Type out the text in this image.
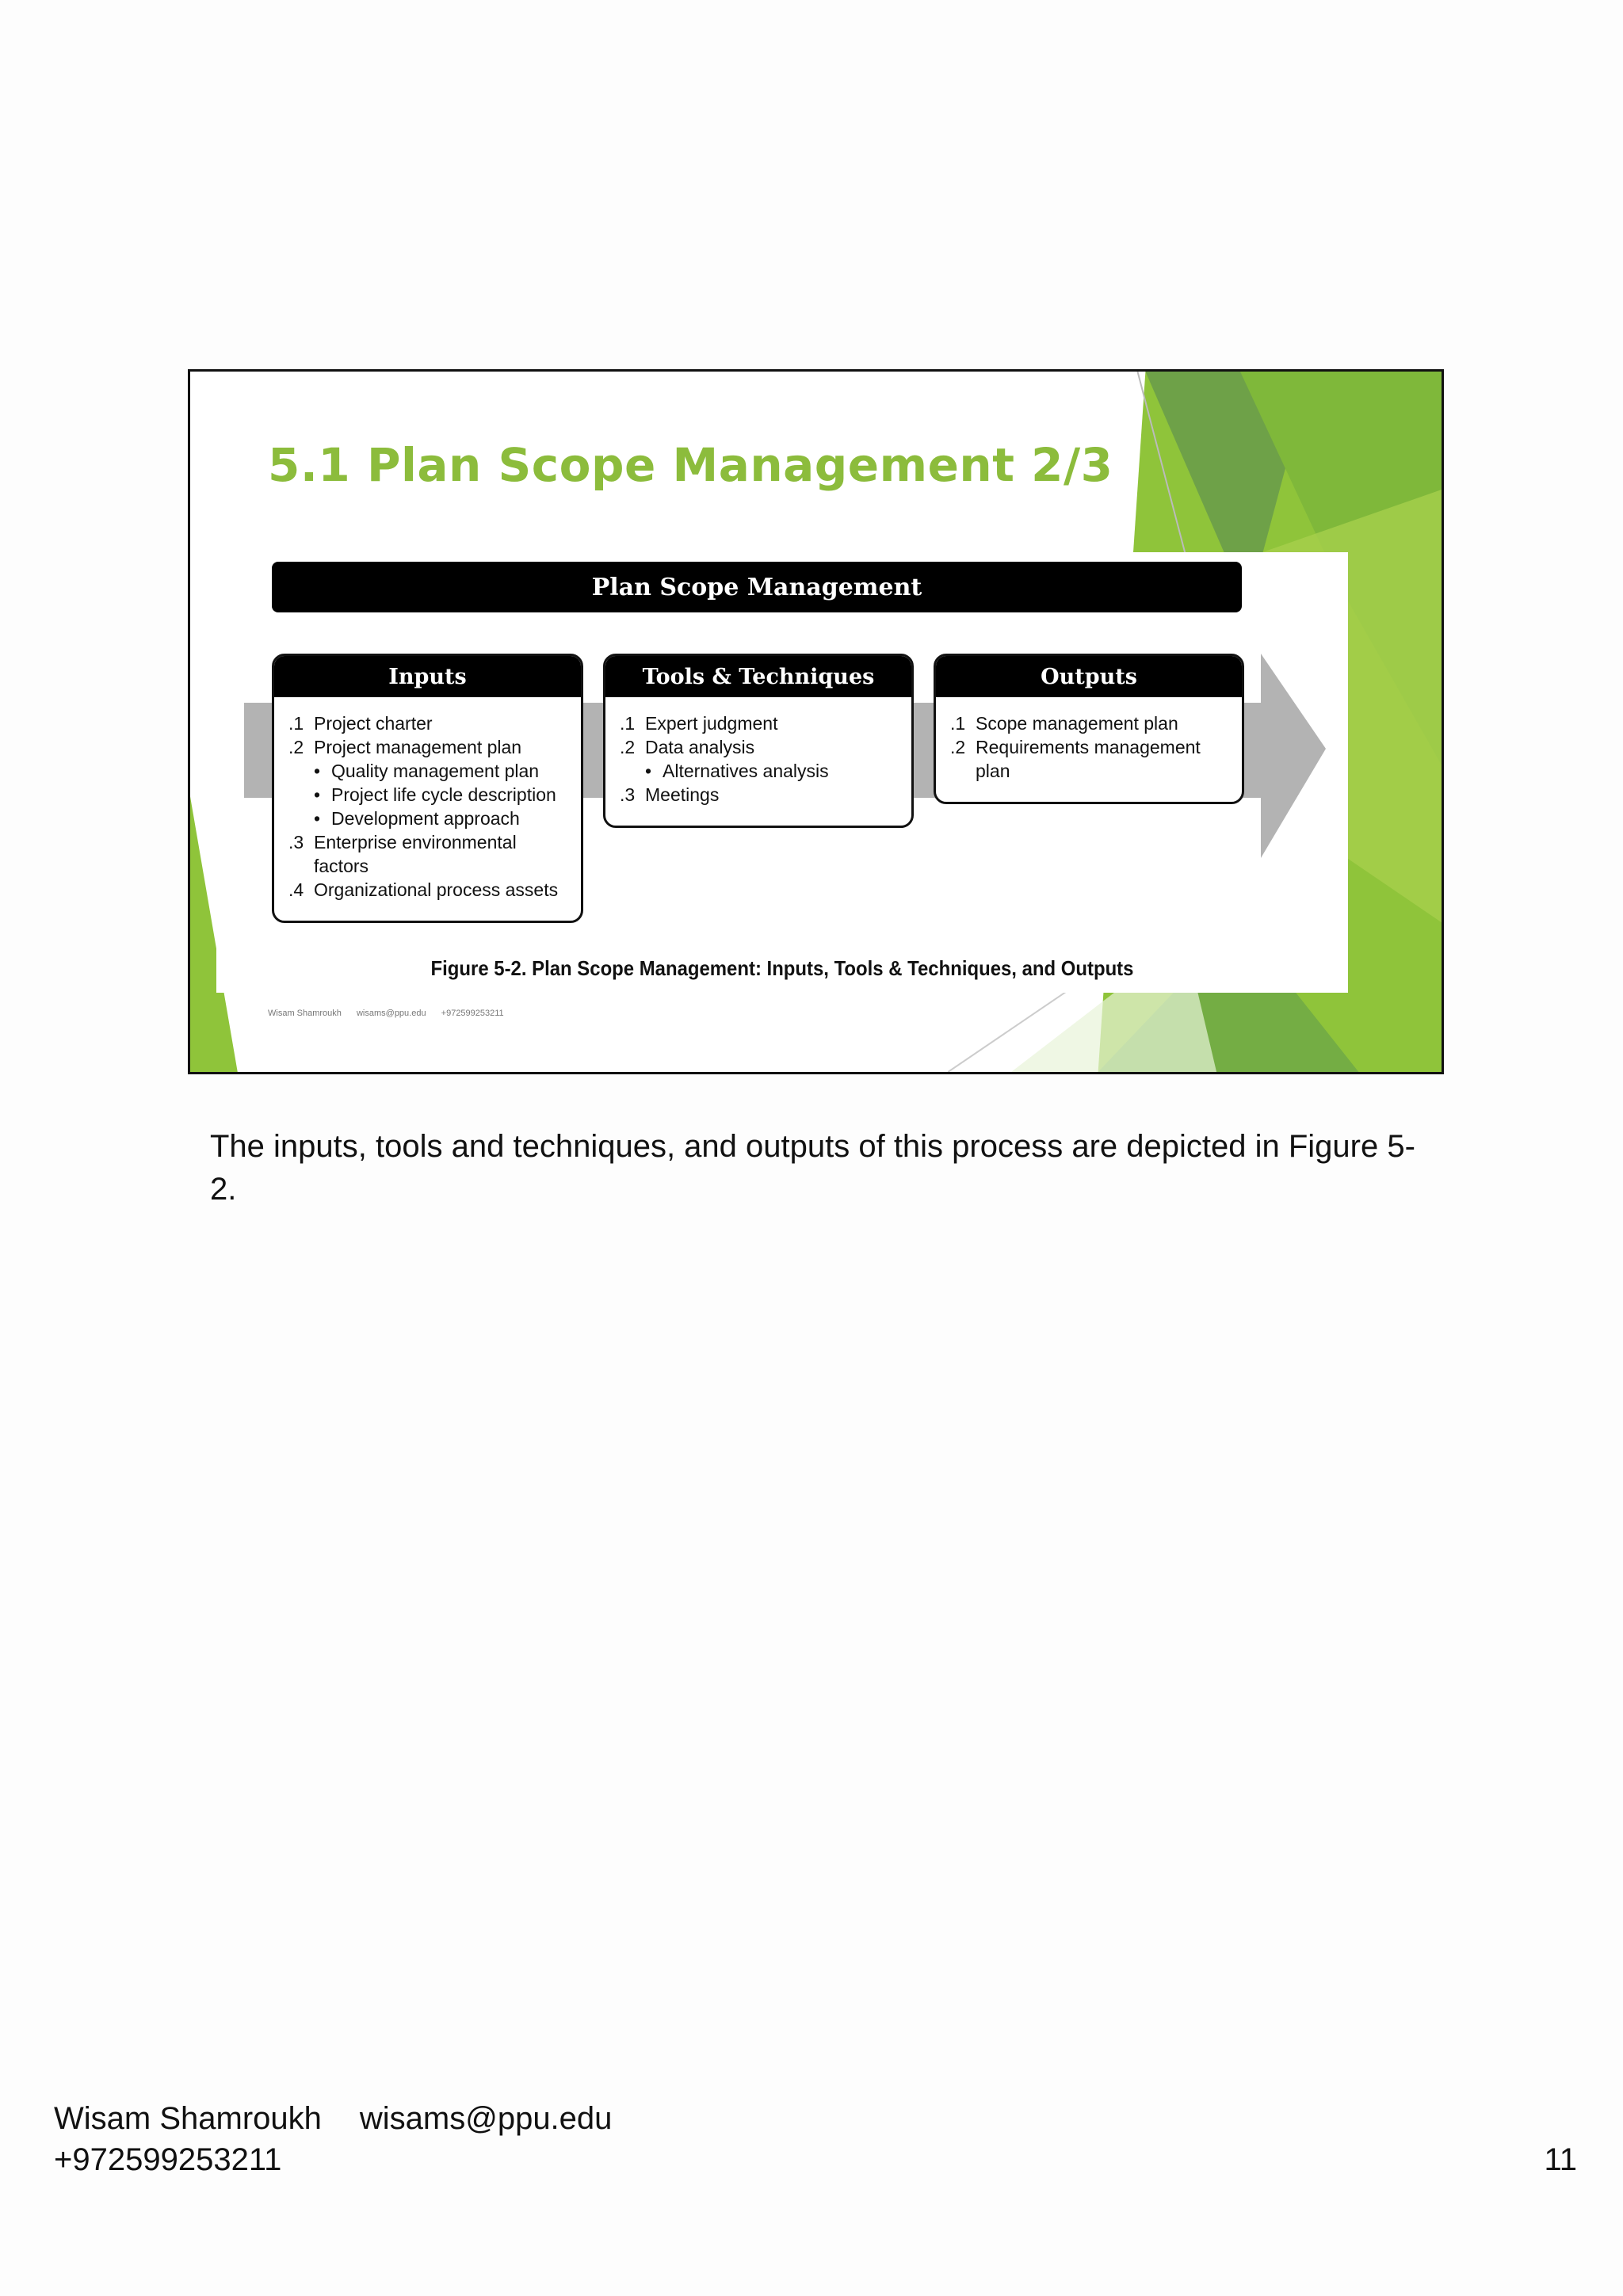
5.1 Plan Scope Management 2/3
Plan Scope Management
Inputs
.1 Project charter
.2 Project management plan
• Quality management plan
• Project life cycle description
• Development approach
.3 Enterprise environmental
factors
.4 Organizational process assets
Tools & Techniques
.1 Expert judgment
.2 Data analysis
• Alternatives analysis
.3 Meetings
Outputs
.1 Scope management plan
.2 Requirements management
plan
Figure 5-2. Plan Scope Management: Inputs, Tools & Techniques, and Outputs
Wisam Shamroukh wisams@ppu.edu +972599253211

The inputs, tools and techniques, and outputs of this process are depicted in Figure 5-
2.

Wisam Shamroukh wisams@ppu.edu
+972599253211	11
